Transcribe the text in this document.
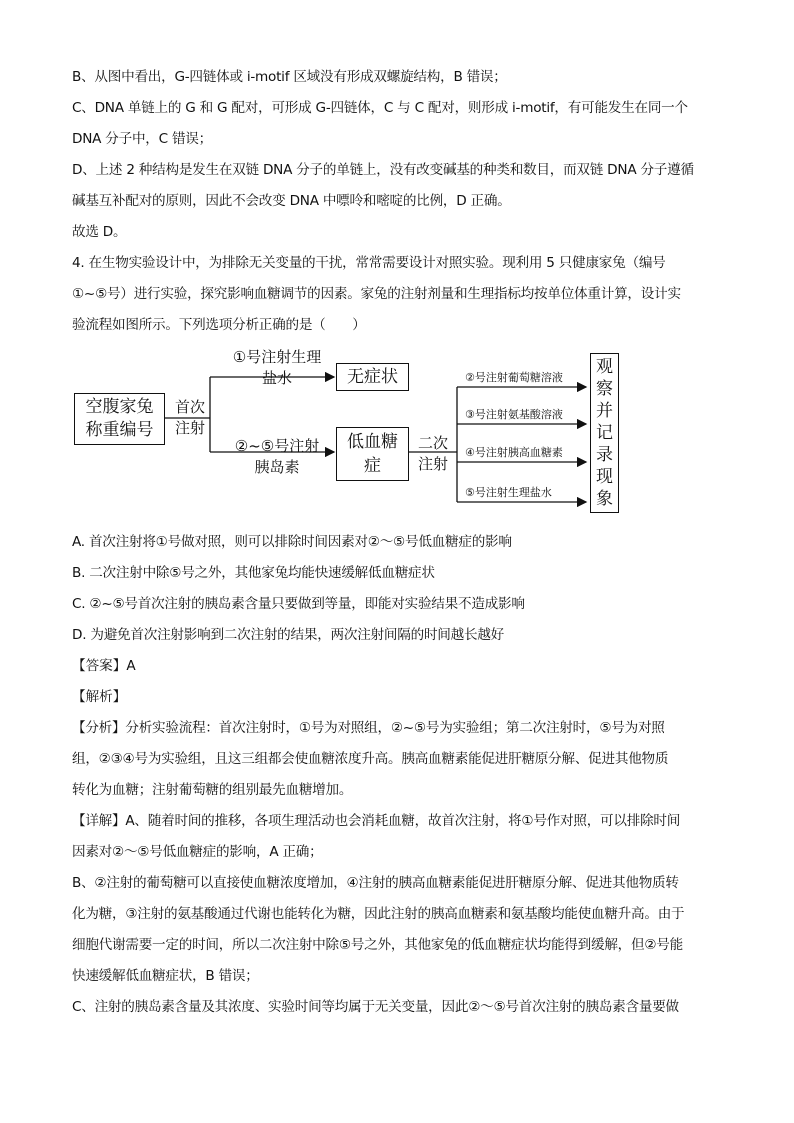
B、从图中看出，G-四链体或 i-motif 区域没有形成双螺旋结构，B 错误；

C、DNA 单链上的 G 和 G 配对，可形成 G-四链体，C 与 C 配对，则形成 i-motif，有可能发生在同一个

DNA 分子中，C 错误；

D、上述 2 种结构是发生在双链 DNA 分子的单链上，没有改变碱基的种类和数目，而双链 DNA 分子遵循

碱基互补配对的原则，因此不会改变 DNA 中嘌呤和嘧啶的比例，D 正确。

故选 D。

4. 在生物实验设计中，为排除无关变量的干扰，常常需要设计对照实验。现利用 5 只健康家兔（编号

①~⑤号）进行实验，探究影响血糖调节的因素。家兔的注射剂量和生理指标均按单位体重计算，设计实

验流程如图所示。下列选项分析正确的是（　　）

空腹家兔称重编号
首次注射
①号注射生理盐水	无症状
②~⑤号注射胰岛素
低血糖症
二次注射
②号注射葡萄糖溶液
③号注射氨基酸溶液
④号注射胰高血糖素
⑤号注射生理盐水
观察并记录现象

A. 首次注射将①号做对照，则可以排除时间因素对②～⑤号低血糖症的影响

B. 二次注射中除⑤号之外，其他家兔均能快速缓解低血糖症状

C. ②~⑤号首次注射的胰岛素含量只要做到等量，即能对实验结果不造成影响

D. 为避免首次注射影响到二次注射的结果，两次注射间隔的时间越长越好

【答案】A

【解析】

【分析】分析实验流程：首次注射时，①号为对照组，②~⑤号为实验组；第二次注射时，⑤号为对照

组，②③④号为实验组，且这三组都会使血糖浓度升高。胰高血糖素能促进肝糖原分解、促进其他物质

转化为血糖；注射葡萄糖的组别最先血糖增加。

【详解】A、随着时间的推移，各项生理活动也会消耗血糖，故首次注射，将①号作对照，可以排除时间

因素对②～⑤号低血糖症的影响，A 正确；

B、②注射的葡萄糖可以直接使血糖浓度增加，④注射的胰高血糖素能促进肝糖原分解、促进其他物质转

化为糖，③注射的氨基酸通过代谢也能转化为糖，因此注射的胰高血糖素和氨基酸均能使血糖升高。由于

细胞代谢需要一定的时间，所以二次注射中除⑤号之外，其他家兔的低血糖症状均能得到缓解，但②号能

快速缓解低血糖症状，B 错误；

C、注射的胰岛素含量及其浓度、实验时间等均属于无关变量，因此②～⑤号首次注射的胰岛素含量要做
